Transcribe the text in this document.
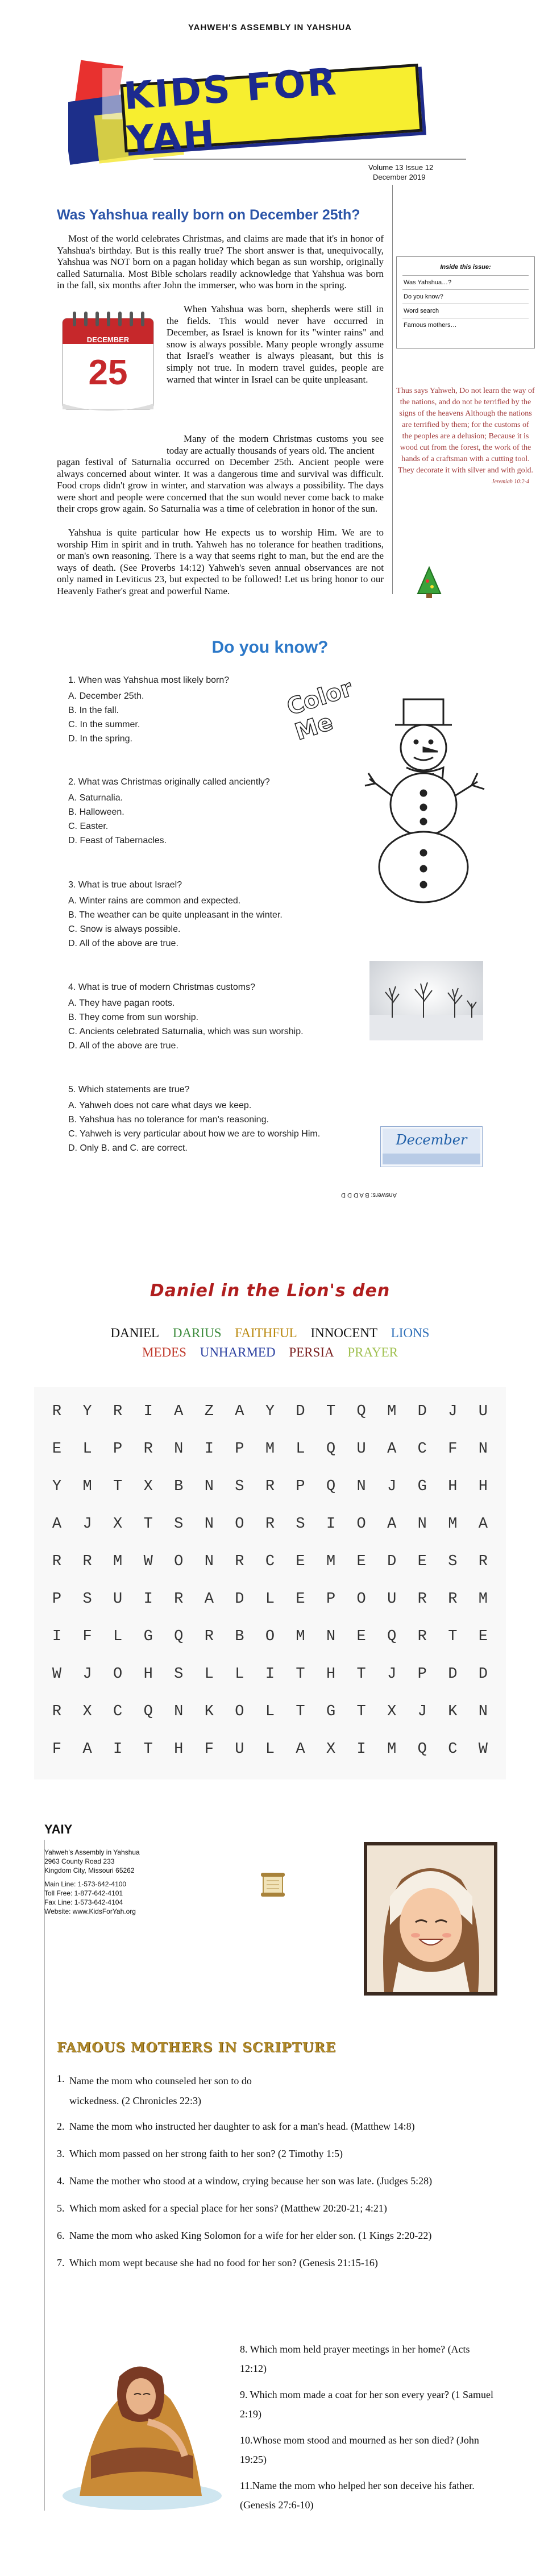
YAHWEH'S ASSEMBLY IN YAHSHUA
KIDS FOR YAH
Volume 13 Issue 12
December 2019
Was Yahshua really born on December 25th?
Most of the world celebrates Christmas, and claims are made that it's in honor of Yahshua's birthday. But is this really true? The short answer is that, unequivocally, Yahshua was NOT born on a pagan holiday which began as sun worship, originally called Saturnalia. Most Bible scholars readily acknowledge that Yahshua was born in the fall, six months after John the immerser, who was born in the spring.
DECEMBER
25
When Yahshua was born, shepherds were still in the fields. This would never have occurred in December, as Israel is known for its "winter rains" and snow is always possible. Many people wrongly assume that Israel's weather is always pleasant, but this is simply not true. In modern travel guides, people are warned that winter in Israel can be quite unpleasant.
Many of the modern Christmas customs you see today are actually thousands of years old. The ancient
pagan festival of Saturnalia occurred on December 25th. Ancient people were always concerned about winter. It was a dangerous time and survival was difficult. Food crops didn't grow in winter, and starvation was always a possibility. The days were short and people were concerned that the sun would never come back to make their crops grow again. So Saturnalia was a time of celebration in honor of the sun.
Yahshua is quite particular how He expects us to worship Him. We are to worship Him in spirit and in truth. Yahweh has no tolerance for heathen traditions, or man's own reasoning. There is a way that seems right to man, but the end are the ways of death. (See Proverbs 14:12) Yahweh's seven annual observances are not only named in Leviticus 23, but expected to be followed! Let us bring honor to our Heavenly Father's great and powerful Name.
Inside this issue:
Was Yahshua…?
Do you know?
Word search
Famous mothers…
Thus says Yahweh, Do not learn the way of the nations, and do not be terrified by the signs of the heavens Although the nations are terrified by them; for the customs of the peoples are a delusion; Because it is wood cut from the forest, the work of the hands of a craftsman with a cutting tool. They decorate it with silver and with gold.
Jeremiah 10:2-4
Do you know?
1. When was Yahshua most likely born?
A. December 25th.
B. In the fall.
C. In the summer.
D. In the spring.
2. What was Christmas originally called anciently?
A. Saturnalia.
B. Halloween.
C. Easter.
D. Feast of Tabernacles.
3. What is true about Israel?
A. Winter rains are common and expected.
B. The weather can be quite unpleasant in the winter.
C. Snow is always possible.
D. All of the above are true.
4. What is true of modern Christmas customs?
A. They have pagan roots.
B. They come from sun worship.
C. Ancients celebrated Saturnalia, which was sun worship.
D. All of the above are true.
5. Which statements are true?
A. Yahweh does not care what days we keep.
B. Yahshua has no tolerance for man's reasoning.
C. Yahweh is very particular about how we are to worship Him.
D. Only B. and C. are correct.
Color Me
December
Answers: B A D D D
Daniel in the Lion's den
DANIEL DARIUS FAITHFUL INNOCENT LIONS
MEDES UNHARMED PERSIA PRAYER
R	Y	R	I	A	Z	A	Y	D	T	Q	M	D	J	U
E	L	P	R	N	I	P	M	L	Q	U	A	C	F	N
Y	M	T	X	B	N	S	R	P	Q	N	J	G	H	H
A	J	X	T	S	N	O	R	S	I	O	A	N	M	A
R	R	M	W	O	N	R	C	E	M	E	D	E	S	R
P	S	U	I	R	A	D	L	E	P	O	U	R	R	M
I	F	L	G	Q	R	B	O	M	N	E	Q	R	T	E
W	J	O	H	S	L	L	I	T	H	T	J	P	D	D
R	X	C	Q	N	K	O	L	T	G	T	X	J	K	N
F	A	I	T	H	F	U	L	A	X	I	M	Q	C	W
YAIY
Yahweh's Assembly in Yahshua
2963 County Road 233
Kingdom City, Missouri 65262
Main Line: 1-573-642-4100
Toll Free: 1-877-642-4101
Fax Line: 1-573-642-4104
Website: www.KidsForYah.org
FAMOUS MOTHERS IN SCRIPTURE
1. Name the mom who counseled her son to do wickedness. (2 Chronicles 22:3)
2. Name the mom who instructed her daughter to ask for a man's head. (Matthew 14:8)
3. Which mom passed on her strong faith to her son? (2 Timothy 1:5)
4. Name the mother who stood at a window, crying because her son was late. (Judges 5:28)
5. Which mom asked for a special place for her sons? (Matthew 20:20-21; 4:21)
6. Name the mom who asked King Solomon for a wife for her elder son. (1 Kings 2:20-22)
7. Which mom wept because she had no food for her son? (Genesis 21:15-16)
8. Which mom held prayer meetings in her home? (Acts 12:12)
9. Which mom made a coat for her son every year? (1 Samuel 2:19)
10.Whose mom stood and mourned as her son died? (John 19:25)
11.Name the mom who helped her son deceive his father. (Genesis 27:6-10)
